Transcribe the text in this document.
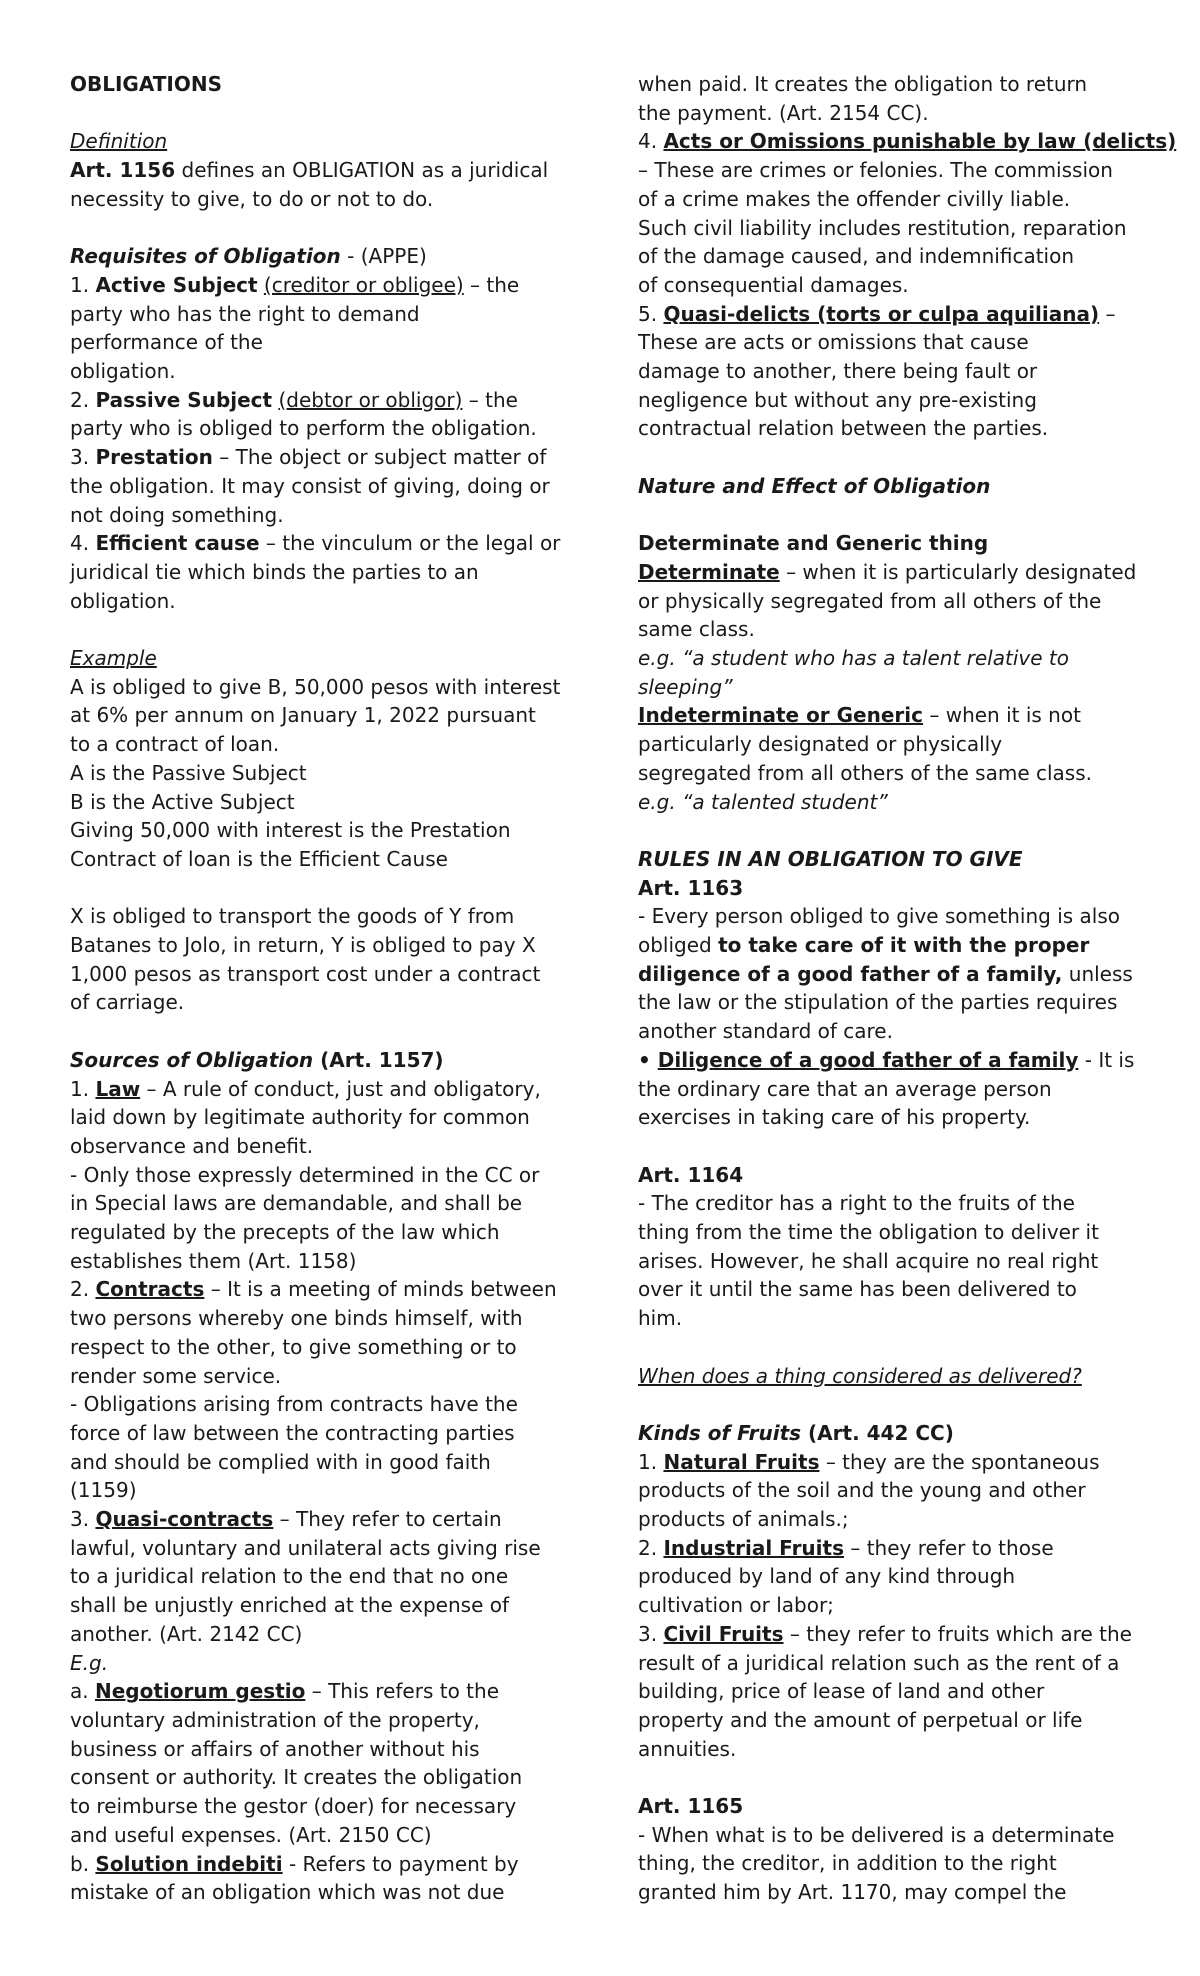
OBLIGATIONS

Definition

Art. 1156 defines an OBLIGATION as a juridical

necessity to give, to do or not to do.

Requisites of Obligation - (APPE)

1. Active Subject (creditor or obligee) – the

party who has the right to demand

performance of the

obligation.

2. Passive Subject (debtor or obligor) – the

party who is obliged to perform the obligation.

3. Prestation – The object or subject matter of

the obligation. It may consist of giving, doing or

not doing something.

4. Efficient cause – the vinculum or the legal or

juridical tie which binds the parties to an

obligation.

Example

A is obliged to give B, 50,000 pesos with interest

at 6% per annum on January 1, 2022 pursuant

to a contract of loan.

A is the Passive Subject

B is the Active Subject

Giving 50,000 with interest is the Prestation

Contract of loan is the Efficient Cause

X is obliged to transport the goods of Y from

Batanes to Jolo, in return, Y is obliged to pay X

1,000 pesos as transport cost under a contract

of carriage.

Sources of Obligation (Art. 1157)

1. Law – A rule of conduct, just and obligatory,

laid down by legitimate authority for common

observance and benefit.

- Only those expressly determined in the CC or

in Special laws are demandable, and shall be

regulated by the precepts of the law which

establishes them (Art. 1158)

2. Contracts – It is a meeting of minds between

two persons whereby one binds himself, with

respect to the other, to give something or to

render some service.

- Obligations arising from contracts have the

force of law between the contracting parties

and should be complied with in good faith

(1159)

3. Quasi-contracts – They refer to certain

lawful, voluntary and unilateral acts giving rise

to a juridical relation to the end that no one

shall be unjustly enriched at the expense of

another. (Art. 2142 CC)

E.g.

a. Negotiorum gestio – This refers to the

voluntary administration of the property,

business or affairs of another without his

consent or authority. It creates the obligation

to reimburse the gestor (doer) for necessary

and useful expenses. (Art. 2150 CC)

b. Solution indebiti - Refers to payment by

mistake of an obligation which was not due

when paid. It creates the obligation to return

the payment. (Art. 2154 CC).

4. Acts or Omissions punishable by law (delicts)

– These are crimes or felonies. The commission

of a crime makes the offender civilly liable.

Such civil liability includes restitution, reparation

of the damage caused, and indemnification

of consequential damages.

5. Quasi-delicts (torts or culpa aquiliana) –

These are acts or omissions that cause

damage to another, there being fault or

negligence but without any pre-existing

contractual relation between the parties.

Nature and Effect of Obligation

Determinate and Generic thing

Determinate – when it is particularly designated

or physically segregated from all others of the

same class.

e.g. “a student who has a talent relative to

sleeping”

Indeterminate or Generic – when it is not

particularly designated or physically

segregated from all others of the same class.

e.g. “a talented student”

RULES IN AN OBLIGATION TO GIVE

Art. 1163

- Every person obliged to give something is also

obliged to take care of it with the proper

diligence of a good father of a family, unless

the law or the stipulation of the parties requires

another standard of care.

• Diligence of a good father of a family - It is

the ordinary care that an average person

exercises in taking care of his property.

Art. 1164

- The creditor has a right to the fruits of the

thing from the time the obligation to deliver it

arises. However, he shall acquire no real right

over it until the same has been delivered to

him.

When does a thing considered as delivered?

Kinds of Fruits (Art. 442 CC)

1. Natural Fruits – they are the spontaneous

products of the soil and the young and other

products of animals.;

2. Industrial Fruits – they refer to those

produced by land of any kind through

cultivation or labor;

3. Civil Fruits – they refer to fruits which are the

result of a juridical relation such as the rent of a

building, price of lease of land and other

property and the amount of perpetual or life

annuities.

Art. 1165

- When what is to be delivered is a determinate

thing, the creditor, in addition to the right

granted him by Art. 1170, may compel the
